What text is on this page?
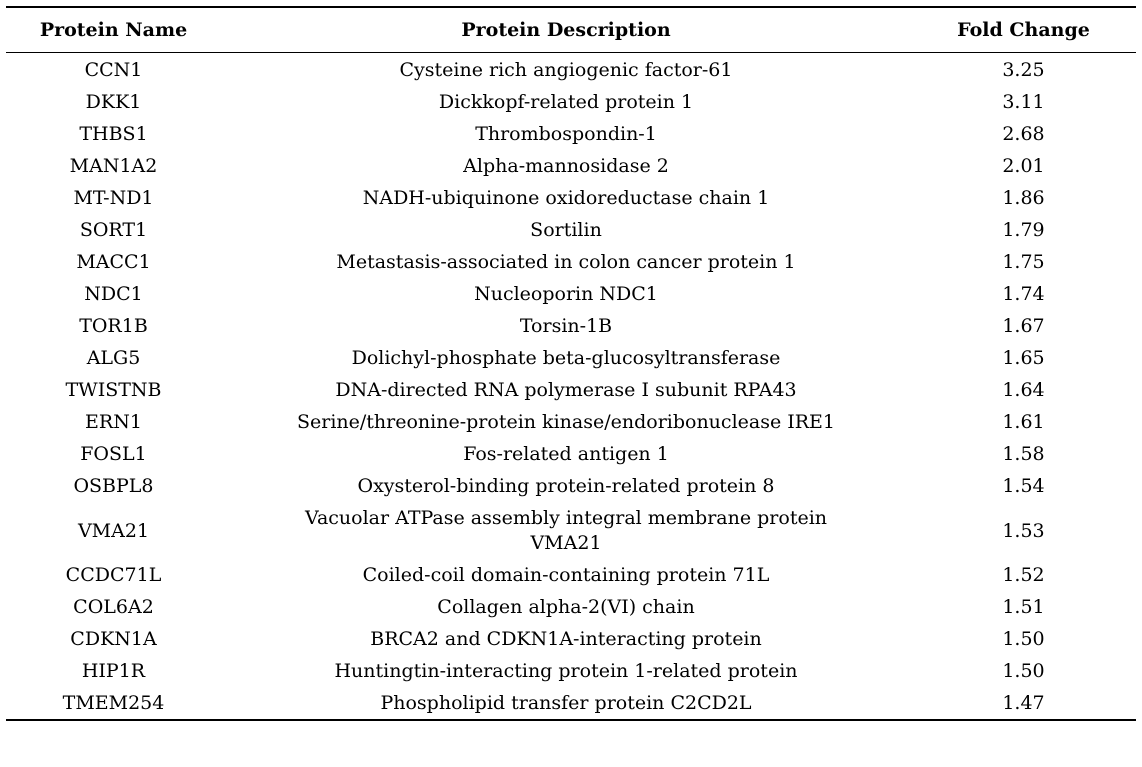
Protein Name	Protein Description	Fold Change
CCN1	Cysteine rich angiogenic factor-61	3.25
DKK1	Dickkopf-related protein 1	3.11
THBS1	Thrombospondin-1	2.68
MAN1A2	Alpha-mannosidase 2	2.01
MT-ND1	NADH-ubiquinone oxidoreductase chain 1	1.86
SORT1	Sortilin	1.79
MACC1	Metastasis-associated in colon cancer protein 1	1.75
NDC1	Nucleoporin NDC1	1.74
TOR1B	Torsin-1B	1.67
ALG5	Dolichyl-phosphate beta-glucosyltransferase	1.65
TWISTNB	DNA-directed RNA polymerase I subunit RPA43	1.64
ERN1	Serine/threonine-protein kinase/endoribonuclease IRE1	1.61
FOSL1	Fos-related antigen 1	1.58
OSBPL8	Oxysterol-binding protein-related protein 8	1.54
VMA21	Vacuolar ATPase assembly integral membrane protein VMA21	1.53
CCDC71L	Coiled-coil domain-containing protein 71L	1.52
COL6A2	Collagen alpha-2(VI) chain	1.51
CDKN1A	BRCA2 and CDKN1A-interacting protein	1.50
HIP1R	Huntingtin-interacting protein 1-related protein	1.50
TMEM254	Phospholipid transfer protein C2CD2L	1.47
